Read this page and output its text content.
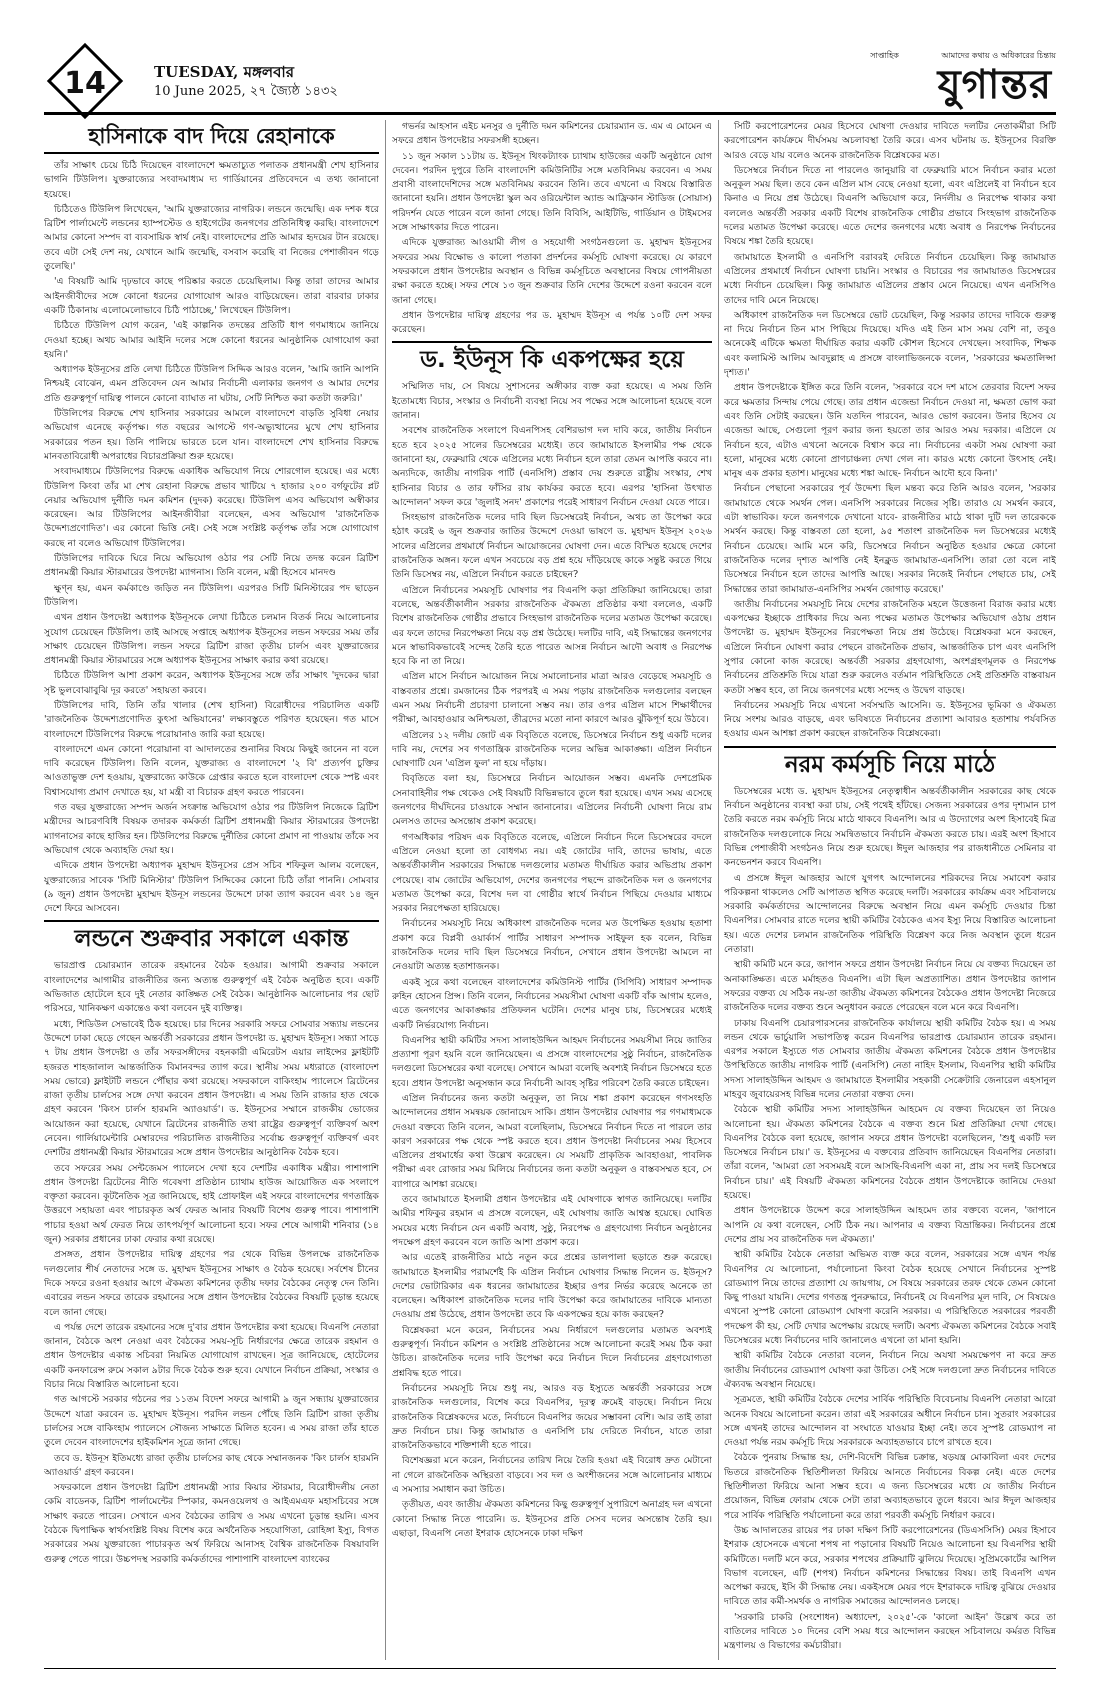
14	TUESDAY, মঙ্গলবার
10 June 2025, ২৭ জ্যৈষ্ঠ ১৪৩২
সাপ্তাহিক	আমাদের কথায় ও অধিকারের চিন্তায়
যুগান্তর
হাসিনাকে বাদ দিয়ে রেহানাকে

তাঁর সাক্ষাৎ চেয়ে চিঠি দিয়েছেন বাংলাদেশে ক্ষমতাচ্যুত পলাতক প্রধানমন্ত্রী শেখ হাসিনার ভাগনি টিউলিপ। যুক্তরাজ্যের সংবাদমাধ্যম দ্য গার্ডিয়ানের প্রতিবেদনে এ তথ্য জানানো হয়েছে।

চিঠিতেও টিউলিপ লিখেছেন, 'আমি যুক্তরাজ্যের নাগরিক। লন্ডনে জন্মেছি। এক দশক ধরে ব্রিটিশ পার্লামেন্টে লন্ডনের হ্যাম্পস্টেড ও হাইগেটের জনগণের প্রতিনিধিত্ব করছি। বাংলাদেশে আমার কোনো সম্পদ বা ব্যবসায়িক স্বার্থ নেই। বাংলাদেশের প্রতি আমার হৃদয়ের টান রয়েছে। তবে এটা সেই দেশ নয়, যেখানে আমি জন্মেছি, বসবাস করেছি বা নিজের পেশাজীবন গড়ে তুলেছি।'

'এ বিষয়টি আমি দৃঢ়ভাবে কাছে পরিষ্কার করতে চেয়েছিলাম। কিন্তু তারা তাদের আমার আইনজীবীদের সঙ্গে কোনো ধরনের যোগাযোগ আরও বাড়িয়েছেন। তারা বারবার ঢাকার একটি ঠিকানায় এলোমেলোভাবে চিঠি পাঠাচ্ছে,' লিখেছেন টিউলিপ।

চিঠিতে টিউলিপ যোগ করেন, 'এই কাল্পনিক তদন্তের প্রতিটি ধাপ গণমাধ্যমে জানিয়ে দেওয়া হচ্ছে। অথচ আমার আইনি দলের সঙ্গে কোনো ধরনের আনুষ্ঠানিক যোগাযোগ করা হয়নি।'

অধ্যাপক ইউনূসের প্রতি লেখা চিঠিতে টিউলিপ সিদ্দিক আরও বলেন, 'আমি জানি আপনি নিশ্চয়ই বোঝেন, এমন প্রতিবেদন যেন আমার নির্বাচনী এলাকার জনগণ ও আমার দেশের প্রতি গুরুত্বপূর্ণ দায়িত্ব পালনে কোনো ব্যাঘাত না ঘটায়, সেটি নিশ্চিত করা কতটা জরুরি।'

টিউলিপের বিরুদ্ধে শেখ হাসিনার সরকারের আমলে বাংলাদেশে বাড়তি সুবিধা নেয়ার অভিযোগ এনেছে কর্তৃপক্ষ। গত বছরের আগস্টে গণ-অভ্যুত্থানের মুখে শেখ হাসিনার সরকারের পতন হয়। তিনি পালিয়ে ভারতে চলে যান। বাংলাদেশে শেখ হাসিনার বিরুদ্ধে মানবতাবিরোধী অপরাধের বিচারপ্রক্রিয়া শুরু হয়েছে।

সংবাদমাধ্যমে টিউলিপের বিরুদ্ধে একাধিক অভিযোগ নিয়ে শোরগোল হয়েছে। এর মধ্যে টিউলিপ কিংবা তাঁর মা শেখ রেহানা বিরুদ্ধে প্রভাব খাটিয়ে ৭ হাজার ২০০ বর্গফুটের প্লট নেয়ার অভিযোগ দুর্নীতি দমন কমিশন (দুদক) করেছে। টিউলিপ এসব অভিযোগ অস্বীকার করেছেন। আর টিউলিপের আইনজীবীরা বলেছেন, এসব অভিযোগ 'রাজনৈতিক উদ্দেশ্যপ্রণোদিত'। এর কোনো ভিত্তি নেই। সেই সঙ্গে সংশ্লিষ্ট কর্তৃপক্ষ তাঁর সঙ্গে যোগাযোগ করছে না বলেও অভিযোগ টিউলিপের।

টিউলিপের দাবিকে ঘিরে নিয়ে অভিযোগ ওঠার পর সেটি নিয়ে তদন্ত করেন ব্রিটিশ প্রধানমন্ত্রী কিয়ার স্টারমারের উপদেষ্টা ম্যাগনাস। তিনি বলেন, মন্ত্রী হিসেবে মানদণ্ড

ক্ষুণ্ন হয়, এমন কর্মকাণ্ডে জড়িত নন টিউলিপ। এরপরও সিটি মিনিস্টারের পদ ছাড়েন টিউলিপ।

এখন প্রধান উপদেষ্টা অধ্যাপক ইউনূসকে লেখা চিঠিতে চলমান বিতর্ক নিয়ে আলোচনার সুযোগ চেয়েছেন টিউলিপ। তাই আসছে সপ্তাহে অধ্যাপক ইউনূসের লন্ডন সফরের সময় তাঁর সাক্ষাৎ চেয়েছেন টিউলিপ। লন্ডন সফরে ব্রিটিশ রাজা তৃতীয় চার্লস এবং যুক্তরাজ্যের প্রধানমন্ত্রী কিয়ার স্টারমারের সঙ্গে অধ্যাপক ইউনূসের সাক্ষাৎ করার কথা রয়েছে।

চিঠিতে টিউলিপ আশা প্রকাশ করেন, অধ্যাপক ইউনূসের সঙ্গে তাঁর সাক্ষাৎ 'দুদকের দ্বারা সৃষ্ট ভুলবোঝাবুঝি দূর করতে' সহায়তা করবে।

টিউলিপের দাবি, তিনি তাঁর খালার (শেখ হাসিনা) বিরোধীদের পরিচালিত একটি 'রাজনৈতিক উদ্দেশ্যপ্রণোদিত কুৎসা অভিযানের' লক্ষ্যবস্তুতে পরিণত হয়েছেন। গত মাসে বাংলাদেশে টিউলিপের বিরুদ্ধে পরোয়ানাও জারি করা হয়েছে।

বাংলাদেশে এমন কোনো পরোয়ানা বা আদালতের শুনানির বিষয়ে কিছুই জানেন না বলে দাবি করেছেন টিউলিপ। তিনি বলেন, যুক্তরাজ্য ও বাংলাদেশে '২ বি' প্রত্যর্পণ চুক্তির আওতাভুক্ত দেশ হওয়ায়, যুক্তরাজ্যে কাউকে গ্রেপ্তার করতে হলে বাংলাদেশ থেকে স্পষ্ট এবং বিশ্বাসযোগ্য প্রমাণ দেখাতে হয়, যা মন্ত্রী বা বিচারক গ্রহণ করতে পারবেন।

গত বছর যুক্তরাজ্যে সম্পদ অর্জন সংক্রান্ত অভিযোগ ওঠার পর টিউলিপ নিজেকে ব্রিটিশ মন্ত্রীদের আচরণবিধি বিষয়ক তদারক কর্মকর্তা ব্রিটিশ প্রধানমন্ত্রী কিয়ার স্টারমারের উপদেষ্টা ম্যাগনাসের কাছে হাজির হন। টিউলিপের বিরুদ্ধে দুর্নীতির কোনো প্রমাণ না পাওয়ায় তাঁকে সব অভিযোগ থেকে অব্যাহতি দেয়া হয়।

এদিকে প্রধান উপদেষ্টা অধ্যাপক মুহাম্মদ ইউনূসের প্রেস সচিব শফিকুল আলম বলেছেন, যুক্তরাজ্যের সাবেক 'সিটি মিনিস্টার' টিউলিপ সিদ্দিকের কোনো চিঠি তাঁরা পাননি। সোমবার (৯ জুন) প্রধান উপদেষ্টা মুহাম্মদ ইউনূস লন্ডনের উদ্দেশে ঢাকা ত্যাগ করবেন এবং ১৪ জুন দেশে ফিরে আসবেন।

লন্ডনে শুক্রবার সকালে একান্ত

ভারপ্রাপ্ত চেয়ারম্যান তারেক রহমানের বৈঠক হওয়ার। আগামী শুক্রবার সকালে বাংলাদেশের আগামীর রাজনীতির জন্য অত্যন্ত গুরুত্বপূর্ণ এই বৈঠক অনুষ্ঠিত হবে। একটি অভিজাত হোটেলে হবে দুই নেতার কাঙ্ক্ষিত সেই বৈঠক। আনুষ্ঠানিক আলোচনার পর ছোট পরিসরে, খানিকক্ষণ একান্তেও কথা বলবেন দুই ব্যক্তিত্ব।

মধ্যে, শিডিউল সেভাবেই ঠিক হয়েছে। চার দিনের সরকারি সফরে সোমবার সন্ধ্যায় লন্ডনের উদ্দেশে ঢাকা ছেড়ে গেছেন অন্তর্বর্তী সরকারের প্রধান উপদেষ্টা ড. মুহাম্মদ ইউনূস। সন্ধ্যা সাড়ে ৭ টায় প্রধান উপদেষ্টা ও তাঁর সফরসঙ্গীদের বহনকারী এমিরেটস এয়ার লাইন্সের ফ্লাইটটি হজরত শাহজালাল আন্তর্জাতিক বিমানবন্দর ত্যাগ করে। স্থানীয় সময় মধ্যরাতে (বাংলাদেশ সময় ভোরে) ফ্লাইটটি লন্ডনে পৌঁছার কথা রয়েছে। সফরকালে বাকিংহাম প্যালেসে ব্রিটেনের রাজা তৃতীয় চার্লসের সঙ্গে দেখা করবেন প্রধান উপদেষ্টা। এ সময় তিনি রাজার হাত থেকে গ্রহণ করবেন 'কিংস চার্লস হারমনি অ্যাওয়ার্ড'। ড. ইউনূসের সম্মানে রাজকীয় ভোজের আয়োজন করা হয়েছে, যেখানে ব্রিটেনের রাজনীতি তথা রাষ্ট্রের গুরুত্বপূর্ণ ব্যক্তিবর্গ অংশ নেবেন। গার্লিয়ামেন্টারি মেম্বারদের পরিচালিত রাজনীতির সর্বোচ্চ গুরুত্বপূর্ণ ব্যক্তিবর্গ এবং দেশটির প্রধানমন্ত্রী কিয়ার স্টারমারের সঙ্গে প্রধান উপদেষ্টার আনুষ্ঠানিক বৈঠক হবে।

তবে সফরের সময় সেন্টজেমস প্যালেসে দেখা হবে দেশটির একাধিক মন্ত্রীর। পাশাপাশি প্রধান উপদেষ্টা ব্রিটেনের নীতি গবেষণা প্রতিষ্ঠান চ্যাথাম হাউজ আয়োজিত এক সংলাপে বক্তৃতা করবেন। কূটনৈতিক সূত্র জানিয়েছে, হাই প্রোফাইল এই সফরে বাংলাদেশের গণতান্ত্রিক উত্তরণে সহায়তা এবং পাচারকৃত অর্থ ফেরত আনার বিষয়টি বিশেষ গুরুত্ব পাবে। পাশাপাশি পাচার হওয়া অর্থ ফেরত নিয়ে তাৎপর্যপূর্ণ আলোচনা হবে। সফর শেষে আগামী শনিবার (১৪ জুন) সরকার প্রধানের ঢাকা ফেরার কথা রয়েছে।

প্রসঙ্গত, প্রধান উপদেষ্টার দায়িত্ব গ্রহণের পর থেকে বিভিন্ন উপলক্ষে রাজনৈতিক দলগুলোর শীর্ষ নেতাদের সঙ্গে ড. মুহাম্মদ ইউনূসের সাক্ষাৎ ও বৈঠক হয়েছে। সর্বশেষ চীনের দিকে সফরে রওনা হওয়ার আগে ঐকমত্য কমিশনের তৃতীয় দফার বৈঠকের নেতৃত্ব দেন তিনি। এবারের লন্ডন সফরে তারেক রহমানের সঙ্গে প্রধান উপদেষ্টার বৈঠকের বিষয়টি চূড়ান্ত হয়েছে বলে জানা গেছে।

এ পর্যন্ত দেশে তারেক রহমানের সঙ্গে দু'বার প্রধান উপদেষ্টার কথা হয়েছে। বিএনপি নেতারা জানান, বৈঠকে অংশ নেওয়া এবং বৈঠকের সময়-সূচি নির্ধারণের ক্ষেত্রে তারেক রহমান ও প্রধান উপদেষ্টার একান্ত সচিবরা নিয়মিত যোগাযোগ রাখছেন। সূত্র জানিয়েছে, হোটেলের একটি কনফারেন্স রুমে সকাল ৯টার দিকে বৈঠক শুরু হবে। যেখানে নির্বাচন প্রক্রিয়া, সংস্কার ও বিচার নিয়ে বিস্তারিত আলোচনা হবে।

গত আগস্টে সরকার গঠনের পর ১১তম বিদেশ সফরে আগামী ৯ জুন সন্ধ্যায় যুক্তরাজ্যের উদ্দেশে যাত্রা করবেন ড. মুহাম্মদ ইউনূস। পরদিন লন্ডন পৌঁছে তিনি ব্রিটিশ রাজা তৃতীয় চার্লসের সঙ্গে বাকিংহাম প্যালেসে সৌজন্য সাক্ষাতে মিলিত হবেন। এ সময় রাজা তাঁর হাতে তুলে দেবেন বাংলাদেশের হাইকমিশন সূত্রে জানা গেছে।

তবে ড. ইউনূস ইতিমধ্যে রাজা তৃতীয় চার্লসের কাছ থেকে সম্মানজনক 'কিং চার্লস হারমনি অ্যাওয়ার্ড' গ্রহণ করবেন।

সফরকালে প্রধান উপদেষ্টা ব্রিটিশ প্রধানমন্ত্রী স্যার কিয়ার স্টারমার, বিরোধীদলীয় নেতা কেমি বাডেনক, ব্রিটিশ পার্লামেন্টের স্পিকার, কমনওয়েলথ ও আইএমএফ মহাসচিবের সঙ্গে সাক্ষাৎ করতে পারেন। সেখানে এসব বৈঠকের তারিখ ও সময় এখনো চূড়ান্ত হয়নি। এসব বৈঠকে দ্বিপাক্ষিক স্বার্থসংশ্লিষ্ট বিষয় বিশেষ করে অর্থনৈতিক সহযোগিতা, রোহিঙ্গা ইস্যু, বিগত সরকারের সময় যুক্তরাজ্যে পাচারকৃত অর্থ ফিরিয়ে আনাসহ বৈশ্বিক রাজনৈতিক বিষয়াবলি গুরুত্ব পেতে পারে। উচ্চপদস্থ সরকারি কর্মকর্তাদের পাশাপাশি বাংলাদেশ ব্যাংকের

গভর্নর আহসান এইচ মনসুর ও দুর্নীতি দমন কমিশনের চেয়ারম্যান ড. এম এ মোমেন এ সফরে প্রধান উপদেষ্টার সফরসঙ্গী হচ্ছেন।

১১ জুন সকাল ১১টায় ড. ইউনূস থিংকট্যাংক চ্যাথাম হাউজের একটি অনুষ্ঠানে যোগ দেবেন। পরদিন দুপুরে তিনি বাংলাদেশি কমিউনিটির সঙ্গে মতবিনিময় করবেন। এ সময় প্রবাসী বাংলাদেশিদের সঙ্গে মতবিনিময় করবেন তিনি। তবে এখনো এ বিষয়ে বিস্তারিত জানানো হয়নি। প্রধান উপদেষ্টা স্কুল অব ওরিয়েন্টাল অ্যান্ড আফ্রিকান স্টাডিজ (সোয়াস) পরিদর্শন যেতে পারেন বলে জানা গেছে। তিনি বিবিসি, আইটিভি, গার্ডিয়ান ও টাইমসের সঙ্গে সাক্ষাৎকার দিতে পারেন।

এদিকে যুক্তরাজ্য আওয়ামী লীগ ও সহযোগী সংগঠনগুলো ড. মুহাম্মদ ইউনূসের সফরের সময় বিক্ষোভ ও কালো পতাকা প্রদর্শনের কর্মসূচি ঘোষণা করেছে। যে কারণে সফরকালে প্রধান উপদেষ্টার অবস্থান ও বিভিন্ন কর্মসূচিতে অবস্থানের বিষয়ে গোপনীয়তা রক্ষা করতে হচ্ছে। সফর শেষে ১৩ জুন শুক্রবার তিনি দেশের উদ্দেশে রওনা করবেন বলে জানা গেছে।

প্রধান উপদেষ্টার দায়িত্ব গ্রহণের পর ড. মুহাম্মদ ইউনূস এ পর্যন্ত ১০টি দেশ সফর করেছেন।

ড. ইউনূস কি একপক্ষের হয়ে

সম্মিলিত দায়, সে বিষয়ে সুশাসনের অঙ্গীকার ব্যক্ত করা হয়েছে। এ সময় তিনি ইতোমধ্যে বিচার, সংস্কার ও নির্বাচনী ব্যবস্থা নিয়ে সব পক্ষের সঙ্গে আলোচনা হয়েছে বলে জানান।

সবশেষ রাজনৈতিক সংলাপে বিএনপিসহ বেশিরভাগ দল দাবি করে, জাতীয় নির্বাচন হতে হবে ২০২৫ সালের ডিসেম্বরের মধ্যেই। তবে জামায়াতে ইসলামীর পক্ষ থেকে জানানো হয়, ফেব্রুয়ারি থেকে এপ্রিলের মধ্যে নির্বাচন হলে তারা তেমন আপত্তি করবে না। অন্যদিকে, জাতীয় নাগরিক পার্টি (এনসিপি) প্রস্তাব দেয় শুরুতে রাষ্ট্রীয় সংস্কার, শেখ হাসিনার বিচার ও তার ফাঁসির রায় কার্যকর করতে হবে। এরপর 'হাসিনা উৎখাত আন্দোলন' সফল করে 'জুলাই সনদ' প্রকাশের পরেই সাধারণ নির্বাচন দেওয়া যেতে পারে।

সিংহভাগ রাজনৈতিক দলের দাবি ছিল ডিসেম্বরেই নির্বাচন, অথচ তা উপেক্ষা করে হঠাৎ করেই ৬ জুন শুক্রবার জাতির উদ্দেশে দেওয়া ভাষণে ড. মুহাম্মদ ইউনূস ২০২৬ সালের এপ্রিলের প্রথমার্ধে নির্বাচন আয়োজনের ঘোষণা দেন। এতে বিস্মিত হয়েছে দেশের রাজনৈতিক অঙ্গন। ফলে এখন সবচেয়ে বড় প্রশ্ন হয়ে দাঁড়িয়েছে কাকে সন্তুষ্ট করতে গিয়ে তিনি ডিসেম্বর নয়, এপ্রিলে নির্বাচন করতে চাইছেন?

এপ্রিলে নির্বাচনের সময়সূচি ঘোষণার পর বিএনপি কড়া প্রতিক্রিয়া জানিয়েছে। তারা বলেছে, অন্তর্বর্তীকালীন সরকার রাজনৈতিক ঐকমত্য প্রতিষ্ঠার কথা বললেও, একটি বিশেষ রাজনৈতিক গোষ্ঠীর প্রভাবে সিংহভাগ রাজনৈতিক দলের মতামত উপেক্ষা করেছে। এর ফলে তাদের নিরপেক্ষতা নিয়ে বড় প্রশ্ন উঠেছে। দলটির দাবি, এই সিদ্ধান্তের জনগণের মনে স্বাভাবিকভাবেই সন্দেহ তৈরি হতে পারেত আসন্ন নির্বাচন আদৌ অবাধ ও নিরপেক্ষ হবে কি না তা নিয়ে।

এপ্রিল মাসে নির্বাচন আয়োজন নিয়ে সমালোচনার মাত্রা আরও বেড়েছে সময়সূচি ও বাস্তবতার প্রশ্নে। রমজানের ঠিক পরপরই এ সময় পড়ায় রাজনৈতিক দলগুলোর বলছেন এমন সময় নির্বাচনী প্রচারণা চালানো সম্ভব নয়। তার ওপর এপ্রিল মাসে শিক্ষার্থীদের পরীক্ষা, আবহাওয়ার অনিশ্চয়তা, তীব্রদের মতো নানা কারণে আরও ঝুঁকিপূর্ণ হয়ে উঠবে।

এপ্রিলের ১২ দলীয় জোট এক বিবৃতিতে বলেছে, ডিসেম্বরে নির্বাচন শুধু একটি দলের দাবি নয়, দেশের সব গণতান্ত্রিক রাজনৈতিক দলের অভিন্ন আকাঙ্ক্ষা। এপ্রিল নির্বাচন ঘোষণাটি যেন 'এপ্রিল ফুল' না হয়ে দাঁড়ায়।

বিবৃতিতে বলা হয়, ডিসেম্বরে নির্বাচন আয়োজন সম্ভব। এমনকি দেশপ্রেমিক সেনাবাহিনীর পক্ষ থেকেও সেই বিষয়টি বিভিন্নভাবে তুলে ধরা হয়েছে। এখন সময় এসেছে জনগণের দীর্ঘদিনের চাওয়াকে সম্মান জানানোর। এপ্রিলের নির্বাচনী ঘোষণা নিয়ে রাম মেলসও তাদের অসন্তোষ প্রকাশ করেছে।

গণঅধিকার পরিষদ এক বিবৃতিতে বলেছে, এপ্রিলে নির্বাচন দিলে ডিসেম্বরের বদলে এপ্রিলে নেওয়া হলো তা বোধগম্য নয়। এই জোটের দাবি, তাদের ভাষায়, এতে অন্তর্বর্তীকালীন সরকারের সিদ্ধান্তে দলগুলোর মতামত দীর্ঘায়িত করার অভিপ্রায় প্রকাশ পেয়েছে। বাম জোটের অভিযোগ, দেশের জনগণের পছন্দে রাজনৈতিক দল ও জনগণের মতামত উপেক্ষা করে, বিশেষ দল বা গোষ্ঠীর স্বার্থে নির্বাচন পিছিয়ে দেওয়ার মাধ্যমে সরকার নিরপেক্ষতা হারিয়েছে।

নির্বাচনের সময়সূচি নিয়ে অধিকাংশ রাজনৈতিক দলের মত উপেক্ষিত হওয়ায় হতাশা প্রকাশ করে বিপ্লবী ওয়ার্কার্স পার্টির সাধারণ সম্পাদক সাইফুল হক বলেন, বিভিন্ন রাজনৈতিক দলের দাবি ছিল ডিসেম্বরে নির্বাচন, সেখানে প্রধান উপদেষ্টা আমলে না নেওয়াটা অত্যন্ত হতাশাজনক।

একই সুরে কথা বলেছেন বাংলাদেশের কমিউনিস্ট পার্টির (সিপিবি) সাধারণ সম্পাদক রুহিন হোসেন প্রিন্স। তিনি বলেন, নির্বাচনের সময়সীমা ঘোষণা একটি বাঁক আগাম হলেও, এতে জনগণের আকাঙ্ক্ষার প্রতিফলন ঘটেনি। দেশের মানুষ চায়, ডিসেম্বরের মধ্যেই একটি নির্ভরযোগ্য নির্বাচন।

বিএনপির স্থায়ী কমিটির সদস্য সালাহউদ্দিন আহমদ নির্বাচনের সময়সীমা নিয়ে জাতির প্রত্যাশা পূরণ হয়নি বলে জানিয়েছেন। এ প্রসঙ্গে বাংলাদেশের সুষ্ঠু নির্বাচন, রাজনৈতিক দলগুলো ডিসেম্বরের কথা বলেছে। সেখানে আমরা বলেছি অবশ্যই নির্বাচন ডিসেম্বরে হতে হবে। প্রধান উপদেষ্টা অনুসন্ধান করে নির্বাচনী আবহ সৃষ্টির পরিবেশ তৈরি করতে চাইছেন।

এপ্রিল নির্বাচনের জন্য কতটা অনুকূল, তা নিয়ে শঙ্কা প্রকাশ করেছেন গণসংহতি আন্দোলনের প্রধান সমন্বয়ক জোনায়েদ সাকি। প্রধান উপদেষ্টার ঘোষণার পর গণমাধ্যমকে দেওয়া বক্তব্যে তিনি বলেন, আমরা বলেছিলাম, ডিসেম্বরে নির্বাচন দিতে না পারলে তার কারণ সরকারের পক্ষ থেকে স্পষ্ট করতে হবে। প্রধান উপদেষ্টা নির্বাচনের সময় হিসেবে এপ্রিলের প্রথমার্ধের কথা উল্লেখ করেছেন। যে সময়টি প্রাকৃতিক আবহাওয়া, পাবলিক পরীক্ষা এবং রোজার সময় মিলিয়ে নির্বাচনের জন্য কতটা অনুকূল ও বাস্তবসম্মত হবে, সে ব্যাপারে আশঙ্কা রয়েছে।

তবে জামায়াতে ইসলামী প্রধান উপদেষ্টার এই ঘোষণাকে স্বাগত জানিয়েছে। দলটির আমীর শফিকুর রহমান এ প্রসঙ্গে বলেছেন, এই ঘোষণায় জাতি আশ্বস্ত হয়েছে। ঘোষিত সময়ের মধ্যে নির্বাচন যেন একটি অবাধ, সুষ্ঠু, নিরপেক্ষ ও গ্রহণযোগ্য নির্বাচন অনুষ্ঠানের পদক্ষেপ গ্রহণ করবেন বলে জাতি আশা প্রকাশ করে।

আর এতেই রাজনীতির মাঠে নতুন করে প্রশ্নের ডালপালা ছড়াতে শুরু করেছে। জামায়াতে ইসলামীর পরামর্শেই কি এপ্রিল নির্বাচন ঘোষণার সিদ্ধান্ত নিলেন ড. ইউনূস? দেশের ভোটারিকার এক ধরনের জামায়াতের ইচ্ছার ওপর নির্ভর করেছে অনেকে তা বলেছেন। অধিকাংশ রাজনৈতিক দলের দাবি উপেক্ষা করে জামায়াতের দাবিকে মান্যতা দেওয়ায় প্রশ্ন উঠেছে, প্রধান উপদেষ্টা তবে কি একপক্ষের হয়ে কাজ করছেন?

বিশ্লেষকরা মনে করেন, নির্বাচনের সময় নির্ধারণে দলগুলোর মতামত অবশ্যই গুরুত্বপূর্ণ। নির্বাচন কমিশন ও সংশ্লিষ্ট প্রতিষ্ঠানের সঙ্গে আলোচনা করেই সময় ঠিক করা উচিত। রাজনৈতিক দলের দাবি উপেক্ষা করে নির্বাচন দিলে নির্বাচনের গ্রহণযোগ্যতা প্রশ্নবিদ্ধ হতে পারে।

নির্বাচনের সময়সূচি নিয়ে শুধু নয়, আরও বড় ইস্যুতে অন্তর্বর্তী সরকারের সঙ্গে রাজনৈতিক দলগুলোর, বিশেষ করে বিএনপির, দূরত্ব ক্রমেই বাড়ছে। নির্বাচন নিয়ে রাজনৈতিক বিশ্লেষকদের মতে, নির্বাচনে বিএনপির জয়ের সম্ভাবনা বেশি। আর তাই তারা দ্রুত নির্বাচন চায়। কিন্তু জামায়াত ও এনসিপি চায় দেরিতে নির্বাচন, যাতে তারা রাজনৈতিকভাবে শক্তিশালী হতে পারে।

বিশেষজ্ঞরা মনে করেন, নির্বাচনের তারিখ নিয়ে তৈরি হওয়া এই বিরোধ দ্রুত মেটানো না গেলে রাজনৈতিক অস্থিরতা বাড়বে। সব দল ও অংশীজনের সঙ্গে আলোচনার মাধ্যমে এ সমস্যার সমাধান করা উচিত।

তৃতীয়ত, এবং জাতীয় ঐকমত্য কমিশনের কিছু গুরুত্বপূর্ণ সুপারিশে অনাগ্রহ দল এখনো কোনো সিদ্ধান্ত নিতে পারেনি। ড. ইউনূসের প্রতি সেসব দলের অসন্তোষ তৈরি হয়। এছাড়া, বিএনপি নেতা ইশরাক হোসেনকে ঢাকা দক্ষিণ

সিটি করপোরেশনের মেয়র হিসেবে ঘোষণা দেওয়ার দাবিতে দলটির নেতাকর্মীরা সিটি করপোরেশন কার্যক্রমে দীর্ঘসময় অচলাবস্থা তৈরি করে। এসব ঘটনায় ড. ইউনূসের বিরক্তি আরও বেড়ে যায় বলেও অনেক রাজনৈতিক বিশ্লেষকের মত।

ডিসেম্বরে নির্বাচন দিতে না পারলেও জানুয়ারি বা ফেব্রুয়ারি মাসে নির্বাচন করার মতো অনুকূল সময় ছিল। তবে কেন এপ্রিল মাস বেছে নেওয়া হলো, এবং এপ্রিলেই বা নির্বাচন হবে কিনাও এ নিয়ে প্রশ্ন উঠেছে। বিএনপি অভিযোগ করে, নির্দলীয় ও নিরপেক্ষ থাকার কথা বললেও অন্তর্বর্তী সরকার একটি বিশেষ রাজনৈতিক গোষ্ঠীর প্রভাবে সিংহভাগ রাজনৈতিক দলের মতামত উপেক্ষা করেছে। এতে দেশের জনগণের মধ্যে অবাধ ও নিরপেক্ষ নির্বাচনের বিষয়ে শঙ্কা তৈরি হয়েছে।

জামায়াতে ইসলামী ও এনসিপি বরাবরই দেরিতে নির্বাচন চেয়েছিল। কিন্তু জামায়াত এপ্রিলের প্রথমার্ধে নির্বাচন ঘোষণা চায়নি। সংস্কার ও বিচারের পর জামায়াতও ডিসেম্বরের মধ্যে নির্বাচন চেয়েছিল। কিন্তু জামায়াত এপ্রিলের প্রস্তাব মেনে নিয়েছে। এখন এনসিপিও তাদের দাবি মেনে নিয়েছে।

অধিকাংশ রাজনৈতিক দল ডিসেম্বরে ভোট চেয়েছিল, কিন্তু সরকার তাদের দাবিকে গুরুত্ব না দিয়ে নির্বাচন তিন মাস পিছিয়ে দিয়েছে। যদিও এই তিন মাস সময় বেশি না, তবুও অনেকেই এটিকে ক্ষমতা দীর্ঘায়িত করার একটি কৌশল হিসেবে দেখছেন। সংবাদিক, শিক্ষক এবং কলামিস্ট আলিম আবদুল্লাহ এ প্রসঙ্গে বাংলাভিজনকে বলেন, 'সরকারের ক্ষমতালিপ্সা দৃশ্যত।'

প্রধান উপদেষ্টাকে ইঙ্গিত করে তিনি বলেন, 'সরকারে বসে দশ মাসে তেরবার বিদেশ সফর করে ক্ষমতার সিন্দায় পেয়ে গেছে। তার প্রধান এজেন্ডা নির্বাচন দেওয়া না, ক্ষমতা ভোগ করা এবং তিনি সেটাই করছেন। উনি যতদিন পারবেন, আরও ভোগ করবেন। উনার হিসেব যে এজেন্ডা আছে, সেগুলো পূরণ করার জন্য হয়তো তার আরও সময় দরকার। এপ্রিলে যে নির্বাচন হবে, এটাও এখনো অনেকে বিশ্বাস করে না। নির্বাচনের একটা সময় ঘোষণা করা হলো, মানুষের মধ্যে কোনো প্রাণচাঞ্চল্য দেখা গেল না। কারও মধ্যে কোনো উৎসাহ নেই। মানুষ এক প্রকার হতাশ। মানুষের মধ্যে শঙ্কা আছে- নির্বাচন আদৌ হবে কিনা।'

নির্বাচন পেছানো সরকারের পূর্ব উদ্দেশ্য ছিল মন্তব্য করে তিনি আরও বলেন, 'সরকার জামায়াতে থেকে সমর্থন পেল। এনসিপি সরকারের নিজের সৃষ্টি। তারাও যে সমর্থন করবে, এটা স্বাভাবিক। ফলে জনগণকে দেখানো যাবে- রাজনীতির মাঠে থাকা দুটি দল তারেককে সমর্থন করছে। কিন্তু বাস্তবতা তো হলো, ৯৫ শতাংশ রাজনৈতিক দল ডিসেম্বরের মধ্যেই নির্বাচন চেয়েছে। আমি মনে করি, ডিসেম্বরে নির্বাচন অনুষ্ঠিত হওয়ার ক্ষেত্রে কোনো রাজনৈতিক দলের দৃশ্যত আপত্তি নেই ইনক্লুড জামায়াত-এনসিপি। তারা তো বলে নাই ডিসেম্বরে নির্বাচন হলে তাদের আপত্তি আছে। সরকার নিজেই নির্বাচন পেছাতে চায়, সেই সিদ্ধান্তের তারা জামায়াত-এনসিপির সমর্থন জোগাড় করেছে।'

জাতীয় নির্বাচনের সময়সূচি নিয়ে দেশের রাজনৈতিক মহলে উত্তেজনা বিরাজ করার মধ্যে একপক্ষের ইচ্ছাকে প্রাধিকার দিয়ে অন্য পক্ষের মতামত উপেক্ষার অভিযোগ ওঠায় প্রধান উপদেষ্টা ড. মুহাম্মদ ইউনূসের নিরপেক্ষতা নিয়ে প্রশ্ন উঠেছে। বিশ্লেষকরা মনে করছেন, এপ্রিলে নির্বাচন ঘোষণা করার পেছনে রাজনৈতিক প্রভাব, আন্তর্জাতিক চাপ এবং এনসিপি সুপার কোনো কাজ করেছে। অন্তর্বর্তী সরকার গ্রহণযোগ্য, অংশগ্রহণমূলক ও নিরপেক্ষ নির্বাচনের প্রতিশ্রুতি দিয়ে যাত্রা শুরু করলেও বর্তমান পরিস্থিতিতে সেই প্রতিশ্রুতি বাস্তবায়ন কতটা সম্ভব হবে, তা নিয়ে জনগণের মধ্যে সন্দেহ ও উদ্বেগ বাড়ছে।

নির্বাচনের সময়সূচি নিয়ে এখনো সর্বসম্মতি আসেনি। ড. ইউনূসের ভূমিকা ও ঐকমত্য নিয়ে সংশয় আরও বাড়ছে, এবং ভবিষ্যতে নির্বাচনের প্রত্যাশা আবারও হতাশায় পর্যবসিত হওয়ার এমন আশঙ্কা প্রকাশ করছেন রাজনৈতিক বিশ্লেষকেরা।

নরম কর্মসূচি নিয়ে মাঠে

ডিসেম্বরের মধ্যে ড. মুহাম্মদ ইউনূসের নেতৃত্বাধীন অন্তর্বর্তীকালীন সরকারের কাছ থেকে নির্বাচন অনুষ্ঠানের ব্যবস্থা করা চায়, সেই পথেই হাঁটছে। সেজন্য সরকারের ওপর দৃশ্যমান চাপ তৈরি করতে নরম কর্মসূচি নিয়ে মাঠে থাকবে বিএনপি। আর এ উদ্যোগের অংশ হিসাবেই মিত্র রাজনৈতিক দলগুলোকে নিয়ে সমন্বিতভাবে নির্বাচনি ঐকমত্য করতে চায়। এরই অংশ হিসাবে বিভিন্ন পেশাজীবী সংগঠনও নিয়ে শুরু হয়েছে। ঈদুল আজহার পর রাজধানীতে সেমিনার বা কনভেনশন করবে বিএনপি।

এ প্রসঙ্গে ঈদুল আজহার আগে যুগপৎ আন্দোলনের শরিকদের নিয়ে সমাবেশ করার পরিকল্পনা থাকলেও সেটি আপাতত স্থগিত করেছে দলটি। সরকারের কার্যক্রম এবং সচিবালয়ে সরকারি কর্মকর্তাদের আন্দোলনের বিরুদ্ধে অবস্থান নিয়ে এমন কর্মসূচি দেওয়ার চিন্তা বিএনপির। সোমবার রাতে দলের স্থায়ী কমিটির বৈঠকেও এসব ইস্যু নিয়ে বিস্তারিত আলোচনা হয়। এতে দেশের চলমান রাজনৈতিক পরিস্থিতি বিশ্লেষণ করে নিজ অবস্থান তুলে ধরেন নেতারা।

স্থায়ী কমিটি মনে করে, জাপান সফরে প্রধান উপদেষ্টা নির্বাচন নিয়ে যে বক্তব্য দিয়েছেন তা অনাকাঙ্ক্ষিত। এতে মর্মাহতও বিএনপি। এটা ছিল অপ্রত্যাশিত। প্রধান উপদেষ্টার জাপান সফরের বক্তব্য যে সঠিক নয়-তা জাতীয় ঐকমত্য কমিশনের বৈঠকেও প্রধান উপদেষ্টা নিজেরে রাজনৈতিক দলের বক্তব্য শুনে অনুধাবন করতে পেরেছেন বলে মনে করে বিএনপি।

ঢাকায় বিএনপি চেয়ারপারসনের রাজনৈতিক কার্যালয়ে স্থায়ী কমিটির বৈঠক হয়। এ সময় লন্ডন থেকে ভার্চুয়ালি সভাপতিত্ব করেন বিএনপির ভারপ্রাপ্ত চেয়ারম্যান তারেক রহমান। এরপর সকালে ইস্যুতে গত সোমবার জাতীয় ঐকমত্য কমিশনের বৈঠকে প্রধান উপদেষ্টার উপস্থিতিতে জাতীয় নাগরিক পার্টি (এনসিপি) নেতা নাহিদ ইসলাম, বিএনপির স্থায়ী কমিটির সদস্য সালাহউদ্দিন আহমদ ও জামায়াতে ইসলামীর সহকারী সেক্রেটারি জেনারেল এহসানুল মাহবুব জুবায়েরসহ বিভিন্ন দলের নেতারা বক্তব্য দেন।

বৈঠকে স্থায়ী কমিটির সদস্য সালাহউদ্দিন আহমেদ যে বক্তব্য দিয়েছেন তা নিয়েও আলোচনা হয়। ঐকমত্য কমিশনের বৈঠকে এ বক্তব্য শুনে মিশ্র প্রতিক্রিয়া দেখা গেছে। বিএনপির বৈঠকে বলা হয়েছে, জাপান সফরে প্রধান উপদেষ্টা বলেছিলেন, 'শুধু একটি দল ডিসেম্বরে নির্বাচন চায়।' ড. ইউনূসের এ বক্তব্যের প্রতিবাদ জানিয়েছেন বিএনপির নেতারা। তাঁরা বলেন, 'আমরা তো সবসময়ই বলে আসছি-বিএনপি একা না, প্রায় সব দলই ডিসেম্বরে নির্বাচন চায়।' এই বিষয়টি ঐকমত্য কমিশনের বৈঠকে প্রধান উপদেষ্টাকে জানিয়ে দেওয়া হয়েছে।

প্রধান উপদেষ্টাকে উদ্দেশ করে সালাহউদ্দিন আহমেদ তার বক্তব্যে বলেন, 'জাপানে আপনি যে কথা বলেছেন, সেটি ঠিক নয়। আপনার এ বক্তব্য বিভ্রান্তিকর। নির্বাচনের প্রশ্নে দেশের প্রায় সব রাজনৈতিক দল ঐকমত্য।'

স্থায়ী কমিটির বৈঠকে নেতারা অভিমত ব্যক্ত করে বলেন, সরকারের সঙ্গে এখন পর্যন্ত বিএনপির যে আলোচনা, পর্যালোচনা কিংবা বৈঠক হয়েছে সেখানে নির্বাচনের সুস্পষ্ট রোডম্যাপ নিয়ে তাদের প্রত্যাশা যে জায়গায়, সে বিষয়ে সরকারের তরফ থেকে তেমন কোনো কিছু পাওয়া যায়নি। দেশের গণতন্ত্র পুনরুদ্ধারে, নির্বাচনই যে বিএনপির মূল দাবি, সে বিষয়েও এখনো সুস্পষ্ট কোনো রোডম্যাপ ঘোষণা করেনি সরকার। এ পরিস্থিতিতে সরকারের পরবর্তী পদক্ষেপ কী হয়, সেটি দেখার অপেক্ষায় রয়েছে দলটি। অবশ্য ঐকমত্য কমিশনের বৈঠকে সবাই ডিসেম্বরের মধ্যে নির্বাচনের দাবি জানালেও এখনো তা মানা হয়নি।

স্থায়ী কমিটির বৈঠকে নেতারা বলেন, নির্বাচন নিয়ে অযথা সময়ক্ষেপণ না করে দ্রুত জাতীয় নির্বাচনের রোডম্যাপ ঘোষণা করা উচিত। সেই সঙ্গে দলগুলো দ্রুত নির্বাচনের দাবিতে ঐক্যবদ্ধ অবস্থান নিয়েছে।

সূত্রমতে, স্থায়ী কমিটির বৈঠকে দেশের সার্বিক পরিস্থিতি বিবেচনায় বিএনপি নেতারা আরো অনেক বিষয়ে আলোচনা করেন। তারা এই সরকারের অধীনে নির্বাচন চান। সুতরাং সরকারের সঙ্গে এখনই তাদের আন্দোলন বা সংঘাতে যাওয়ার ইচ্ছা নেই। তবে সুস্পষ্ট রোডম্যাপ না দেওয়া পর্যন্ত নরম কর্মসূচি দিয়ে সরকারকে অব্যাহতভাবে চাপে রাখতে হবে।

বৈঠকে পুনরায় সিদ্ধান্ত হয়, দেশি-বিদেশি বিভিন্ন চক্রান্ত, ষড়যন্ত্র মোকাবিলা এবং দেশের ভিতরে রাজনৈতিক স্থিতিশীলতা ফিরিয়ে আনতে নির্বাচনের বিকল্প নেই। এতে দেশের স্থিতিশীলতা ফিরিয়ে আনা সম্ভব হবে। এ জন্য ডিসেম্বরের মধ্যে যে জাতীয় নির্বাচন প্রয়োজন, বিভিন্ন ফোরাম থেকে সেটা তারা অব্যাহতভাবে তুলে ধরবে। আর ঈদুল আজহার পরে সার্বিক পরিস্থিতি পর্যালোচনা করে তারা পরবর্তী কর্মসূচি নির্ধারণ করবে।

উচ্চ আদালতের রায়ের পর ঢাকা দক্ষিণ সিটি করপোরেশনের (ডিএসসিসি) মেয়র হিসাবে ইশরাক হোসেনকে এখনো শপথ না পড়ানোর বিষয়টি নিয়েও আলোচনা হয় বিএনপির স্থায়ী কমিটিতে। দলটি মনে করে, সরকার শপথের প্রক্রিয়াটি ঝুলিয়ে দিয়েছে। সুপ্রিমকোর্টের আপিল বিভাগ বলেছেন, এটি (শপথ) নির্বাচন কমিশনের সিদ্ধান্তের বিষয়। তাই বিএনপি এখন অপেক্ষা করছে, ইসি কী সিদ্ধান্ত নেয়। একইসঙ্গে মেয়র পদে ইশরাককে দায়িত্ব বুঝিয়ে দেওয়ার দাবিতে তার কর্মী-সমর্থক ও নাগরিক সমাজের আন্দোলনও চলছে।

'সরকারি চাকরি (সংশোধন) অধ্যাদেশ, ২০২৫'-কে 'কালো আইন' উল্লেখ করে তা বাতিলের দাবিতে ১০ দিনের বেশি সময় ধরে আন্দোলন করছেন সচিবালয়ে কর্মরত বিভিন্ন মন্ত্রণালয় ও বিভাগের কর্মচারীরা।
